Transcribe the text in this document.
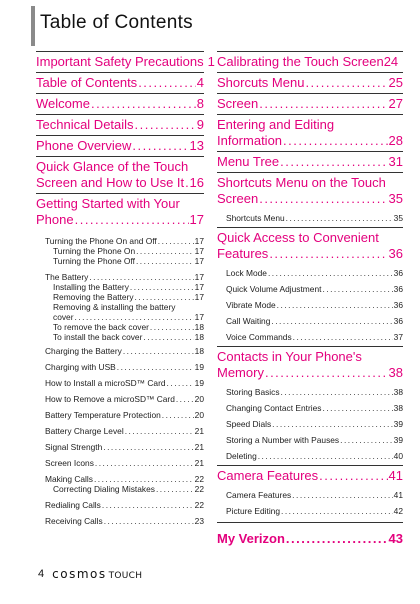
Table of Contents
Important Safety Precautions 1
Table of Contents .....	4
Welcome .....	8
Technical Details .....	9
Phone Overview .....	13
Quick Glance of the Touch
Screen and How to Use It ..... 16
Getting Started with Your
Phone .....	17
Turning the Phone On and Off .....	17
Turning the Phone On .....	17
Turning the Phone Off .....	17
The Battery .....	17
Installing the Battery .....	17
Removing the Battery .....	17
Removing & installing the battery
cover .....	17
To remove the back cover .....	18
To install the back cover .....	18
Charging the Battery .....	18
Charging with USB .....	19
How to Install a microSD™ Card .....	19
How to Remove a microSD™ Card ..... 20
Battery Temperature Protection .....	20
Battery Charge Level .....	21
Signal Strength .....	21
Screen Icons .....	21
Making Calls .....	22
Correcting Dialing Mistakes .....	22
Redialing Calls .....	22
Receiving Calls .....	23
Calibrating the Touch Screen 24
Shorcuts Menu .....	25
Screen .....	27
Entering and Editing
Information .....	28
Menu Tree .....	31
Shortcuts Menu on the Touch
Screen .....	35
Shortcuts Menu .....	35
Quick Access to Convenient
Features .....	36
Lock Mode .....	36
Quick Volume Adjustment .....	36
Vibrate Mode .....	36
Call Waiting .....	36
Voice Commands .....	37
Contacts in Your Phone's
Memory .....	38
Storing Basics .....	38
Changing Contact Entries .....	38
Speed Dials .....	39
Storing a Number with Pauses .....	39
Deleting .....	40
Camera Features .....	41
Camera Features .....	41
Picture Editing .....	42
My Verizon .....	43
4 cosmos TOUCH
